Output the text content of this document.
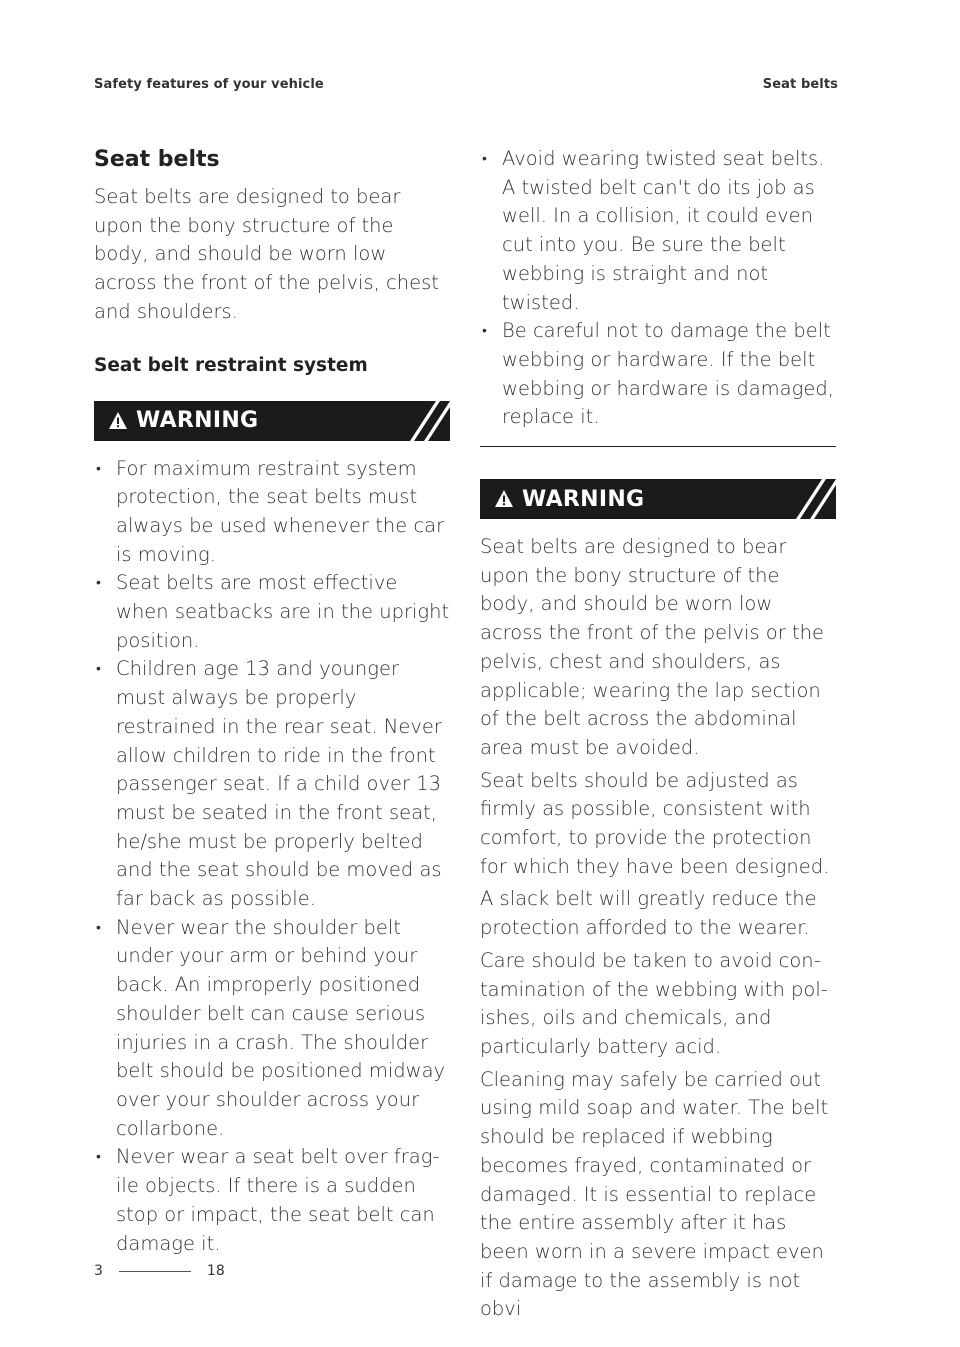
Safety features of your vehicle	Seat belts
Seat belts

Seat belts are designed to bear upon the bony structure of the body, and should be worn low across the front of the pelvis, chest and shoulders.

Seat belt restraint system
WARNING
• For maximum restraint system protection, the seat belts must always be used whenever the car is moving.
• Seat belts are most effective when seatbacks are in the upright position.
• Children age 13 and younger must always be properly restrained in the rear seat. Never allow children to ride in the front passenger seat. If a child over 13 must be seated in the front seat, he/she must be properly belted and the seat should be moved as far back as possible.
• Never wear the shoulder belt under your arm or behind your back. An improperly positioned shoulder belt can cause serious injuries in a crash. The shoulder belt should be positioned midway over your shoulder across your collarbone.
• Never wear a seat belt over fragile objects. If there is a sudden stop or impact, the seat belt can damage it.
• Avoid wearing twisted seat belts. A twisted belt can't do its job as well. In a collision, it could even cut into you. Be sure the belt webbing is straight and not twisted.
• Be careful not to damage the belt webbing or hardware. If the belt webbing or hardware is damaged, replace it.
WARNING

Seat belts are designed to bear upon the bony structure of the body, and should be worn low across the front of the pelvis or the pelvis, chest and shoulders, as applicable; wearing the lap section of the belt across the abdominal area must be avoided.

Seat belts should be adjusted as firmly as possible, consistent with comfort, to provide the protection for which they have been designed.

A slack belt will greatly reduce the protection afforded to the wearer.

Care should be taken to avoid contamination of the webbing with polishes, oils and chemicals, and particularly battery acid.

Cleaning may safely be carried out using mild soap and water. The belt should be replaced if webbing becomes frayed, contaminated or damaged. It is essential to replace the entire assembly after it has been worn in a severe impact even if damage to the assembly is not obvi

3	18
